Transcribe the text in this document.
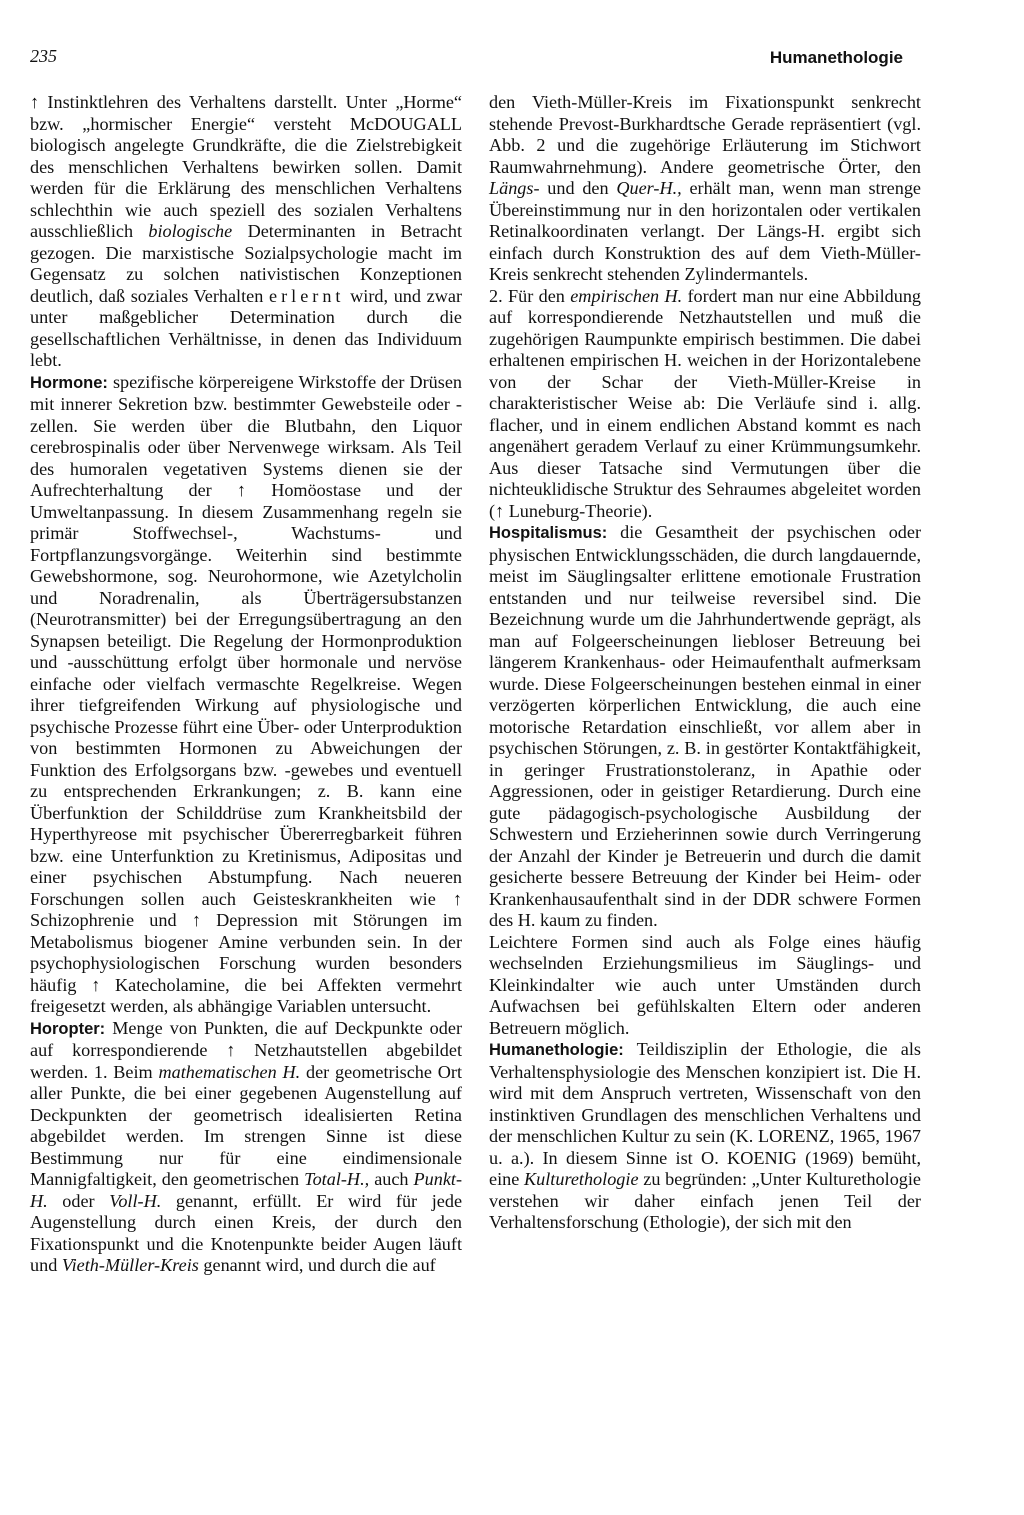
235	Humanethologie

↑ Instinktlehren des Verhaltens darstellt. Unter „Horme“ bzw. „hormischer Energie“ versteht McDOUGALL biologisch angelegte Grundkräfte, die die Zielstrebigkeit des menschlichen Verhaltens bewirken sollen. Damit werden für die Erklärung des menschlichen Verhaltens schlechthin wie auch speziell des sozialen Verhaltens ausschließlich biologische Determinanten in Betracht gezogen. Die marxistische Sozialpsychologie macht im Gegensatz zu solchen nativistischen Konzeptionen deutlich, daß soziales Verhalten erlernt wird, und zwar unter maßgeblicher Determination durch die gesellschaftlichen Verhältnisse, in denen das Individuum lebt.

Hormone: spezifische körpereigene Wirkstoffe der Drüsen mit innerer Sekretion bzw. bestimmter Gewebsteile oder -zellen. Sie werden über die Blutbahn, den Liquor cerebrospinalis oder über Nervenwege wirksam. Als Teil des humoralen vegetativen Systems dienen sie der Aufrechterhaltung der ↑ Homöostase und der Umweltanpassung. In diesem Zusammenhang regeln sie primär Stoffwechsel-, Wachstums- und Fortpflanzungsvorgänge. Weiterhin sind bestimmte Gewebshormone, sog. Neurohormone, wie Azetylcholin und Noradrenalin, als Überträgersubstanzen (Neurotransmitter) bei der Erregungsübertragung an den Synapsen beteiligt. Die Regelung der Hormonproduktion und -ausschüttung erfolgt über hormonale und nervöse einfache oder vielfach vermaschte Regelkreise. Wegen ihrer tiefgreifenden Wirkung auf physiologische und psychische Prozesse führt eine Über- oder Unterproduktion von bestimmten Hormonen zu Abweichungen der Funktion des Erfolgsorgans bzw. -gewebes und eventuell zu entsprechenden Erkrankungen; z. B. kann eine Überfunktion der Schilddrüse zum Krankheitsbild der Hyperthyreose mit psychischer Übererregbarkeit führen bzw. eine Unterfunktion zu Kretinismus, Adipositas und einer psychischen Abstumpfung. Nach neueren Forschungen sollen auch Geisteskrankheiten wie ↑ Schizophrenie und ↑ Depression mit Störungen im Metabolismus biogener Amine verbunden sein. In der psychophysiologischen Forschung wurden besonders häufig ↑ Katecholamine, die bei Affekten vermehrt freigesetzt werden, als abhängige Variablen untersucht.

Horopter: Menge von Punkten, die auf Deckpunkte oder auf korrespondierende ↑ Netzhautstellen abgebildet werden. 1. Beim mathematischen H. der geometrische Ort aller Punkte, die bei einer gegebenen Augenstellung auf Deckpunkten der geometrisch idealisierten Retina abgebildet werden. Im strengen Sinne ist diese Bestimmung nur für eine eindimensionale Mannigfaltigkeit, den geometrischen Total-H., auch Punkt-H. oder Voll-H. genannt, erfüllt. Er wird für jede Augenstellung durch einen Kreis, der durch den Fixationspunkt und die Knotenpunkte beider Augen läuft und Vieth-Müller-Kreis genannt wird, und durch die auf

den Vieth-Müller-Kreis im Fixationspunkt senkrecht stehende Prevost-Burkhardtsche Gerade repräsentiert (vgl. Abb. 2 und die zugehörige Erläuterung im Stichwort Raumwahrnehmung). Andere geometrische Örter, den Längs- und den Quer-H., erhält man, wenn man strenge Übereinstimmung nur in den horizontalen oder vertikalen Retinalkoordinaten verlangt. Der Längs-H. ergibt sich einfach durch Konstruktion des auf dem Vieth-Müller-Kreis senkrecht stehenden Zylindermantels.

2. Für den empirischen H. fordert man nur eine Abbildung auf korrespondierende Netzhautstellen und muß die zugehörigen Raumpunkte empirisch bestimmen. Die dabei erhaltenen empirischen H. weichen in der Horizontalebene von der Schar der Vieth-Müller-Kreise in charakteristischer Weise ab: Die Verläufe sind i. allg. flacher, und in einem endlichen Abstand kommt es nach angenähert geradem Verlauf zu einer Krümmungsumkehr. Aus dieser Tatsache sind Vermutungen über die nichteuklidische Struktur des Sehraumes abgeleitet worden (↑ Luneburg-Theorie).

Hospitalismus: die Gesamtheit der psychischen oder physischen Entwicklungsschäden, die durch langdauernde, meist im Säuglingsalter erlittene emotionale Frustration entstanden und nur teilweise reversibel sind. Die Bezeichnung wurde um die Jahrhundertwende geprägt, als man auf Folgeerscheinungen liebloser Betreuung bei längerem Krankenhaus- oder Heimaufenthalt aufmerksam wurde. Diese Folgeerscheinungen bestehen einmal in einer verzögerten körperlichen Entwicklung, die auch eine motorische Retardation einschließt, vor allem aber in psychischen Störungen, z. B. in gestörter Kontaktfähigkeit, in geringer Frustrationstoleranz, in Apathie oder Aggressionen, oder in geistiger Retardierung. Durch eine gute pädagogisch-psychologische Ausbildung der Schwestern und Erzieherinnen sowie durch Verringerung der Anzahl der Kinder je Betreuerin und durch die damit gesicherte bessere Betreuung der Kinder bei Heim- oder Krankenhausaufenthalt sind in der DDR schwere Formen des H. kaum zu finden.

Leichtere Formen sind auch als Folge eines häufig wechselnden Erziehungsmilieus im Säuglings- und Kleinkindalter wie auch unter Umständen durch Aufwachsen bei gefühlskalten Eltern oder anderen Betreuern möglich.

Humanethologie: Teildisziplin der Ethologie, die als Verhaltensphysiologie des Menschen konzipiert ist. Die H. wird mit dem Anspruch vertreten, Wissenschaft von den instinktiven Grundlagen des menschlichen Verhaltens und der menschlichen Kultur zu sein (K. LORENZ, 1965, 1967 u. a.). In diesem Sinne ist O. KOENIG (1969) bemüht, eine Kulturethologie zu begründen: „Unter Kulturethologie verstehen wir daher einfach jenen Teil der Verhaltensforschung (Ethologie), der sich mit den
